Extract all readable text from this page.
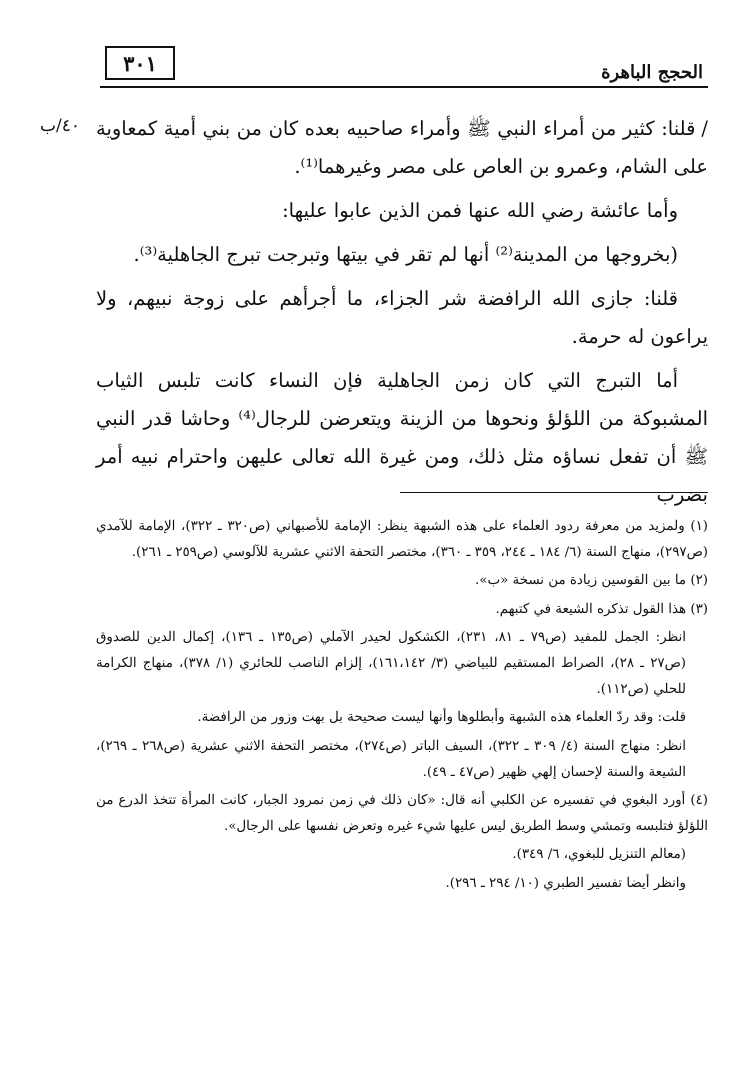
٣٠١	الحجج الباهرة
٤٠/ب	/قلنا: كثير من أمراء النبي ﷺ وأمراء صاحبيه بعده كان من بني أمية كمعاوية على الشام، وعمرو بن العاص على مصر وغيرهما⁽¹⁾.

وأما عائشة رضي الله عنها فمن الذين عابوا عليها:

(بخروجها من المدينة⁽²⁾ أنها لم تقر في بيتها وتبرجت تبرج الجاهلية⁽³⁾.

قلنا: جازى الله الرافضة شر الجزاء، ما أجرأهم على زوجة نبيهم، ولا يراعون له حرمة.

أما التبرج التي كان زمن الجاهلية فإن النساء كانت تلبس الثياب المشبوكة من اللؤلؤ ونحوها من الزينة ويتعرضن للرجال⁽⁴⁾ وحاشا قدر النبي ﷺ أن تفعل نساؤه مثل ذلك، ومن غيرة الله تعالى عليهن واحترام نبيه أمر بضرب

(١) ولمزيد من معرفة ردود العلماء على هذه الشبهة ينظر: الإمامة للأصبهاني (ص٣٢٠ ـ ٣٢٢)، الإمامة للآمدي (ص٢٩٧)، منهاج السنة (٦/ ١٨٤ ـ ٢٤٤، ٣٥٩ ـ ٣٦٠)، مختصر التحفة الاثني عشرية للآلوسي (ص٢٥٩ ـ ٢٦١).

(٢) ما بين القوسين زيادة من نسخة «ب».

(٣) هذا القول تذكره الشيعة في كتبهم.

انظر: الجمل للمفيد (ص٧٩ ـ ٨١، ٢٣١)، الكشكول لحيدر الآملي (ص١٣٥ ـ ١٣٦)، إكمال الدين للصدوق (ص٢٧ ـ ٢٨)، الصراط المستقيم للبياضي (٣/ ١٦١،١٤٢)، إلزام الناصب للحائري (١/ ٣٧٨)، منهاج الكرامة للحلي (ص١١٢).

قلت: وقد ردّ العلماء هذه الشبهة وأبطلوها وأنها ليست صحيحة بل بهت وزور من الرافضة.

انظر: منهاج السنة (٤/ ٣٠٩ ـ ٣٢٢)، السيف الباتر (ص٢٧٤)، مختصر التحفة الاثني عشرية (ص٢٦٨ ـ ٢٦٩)، الشيعة والسنة لإحسان إلهي ظهير (ص٤٧ ـ ٤٩).

(٤) أورد البغوي في تفسيره عن الكلبي أنه قال: «كان ذلك في زمن نمرود الجبار، كانت المرأة تتخذ الدرع من اللؤلؤ فتلبسه وتمشي وسط الطريق ليس عليها شيء غيره وتعرض نفسها على الرجال».

(معالم التنزيل للبغوي، ٦/ ٣٤٩).

وانظر أيضا تفسير الطبري (١٠/ ٢٩٤ ـ ٢٩٦).
